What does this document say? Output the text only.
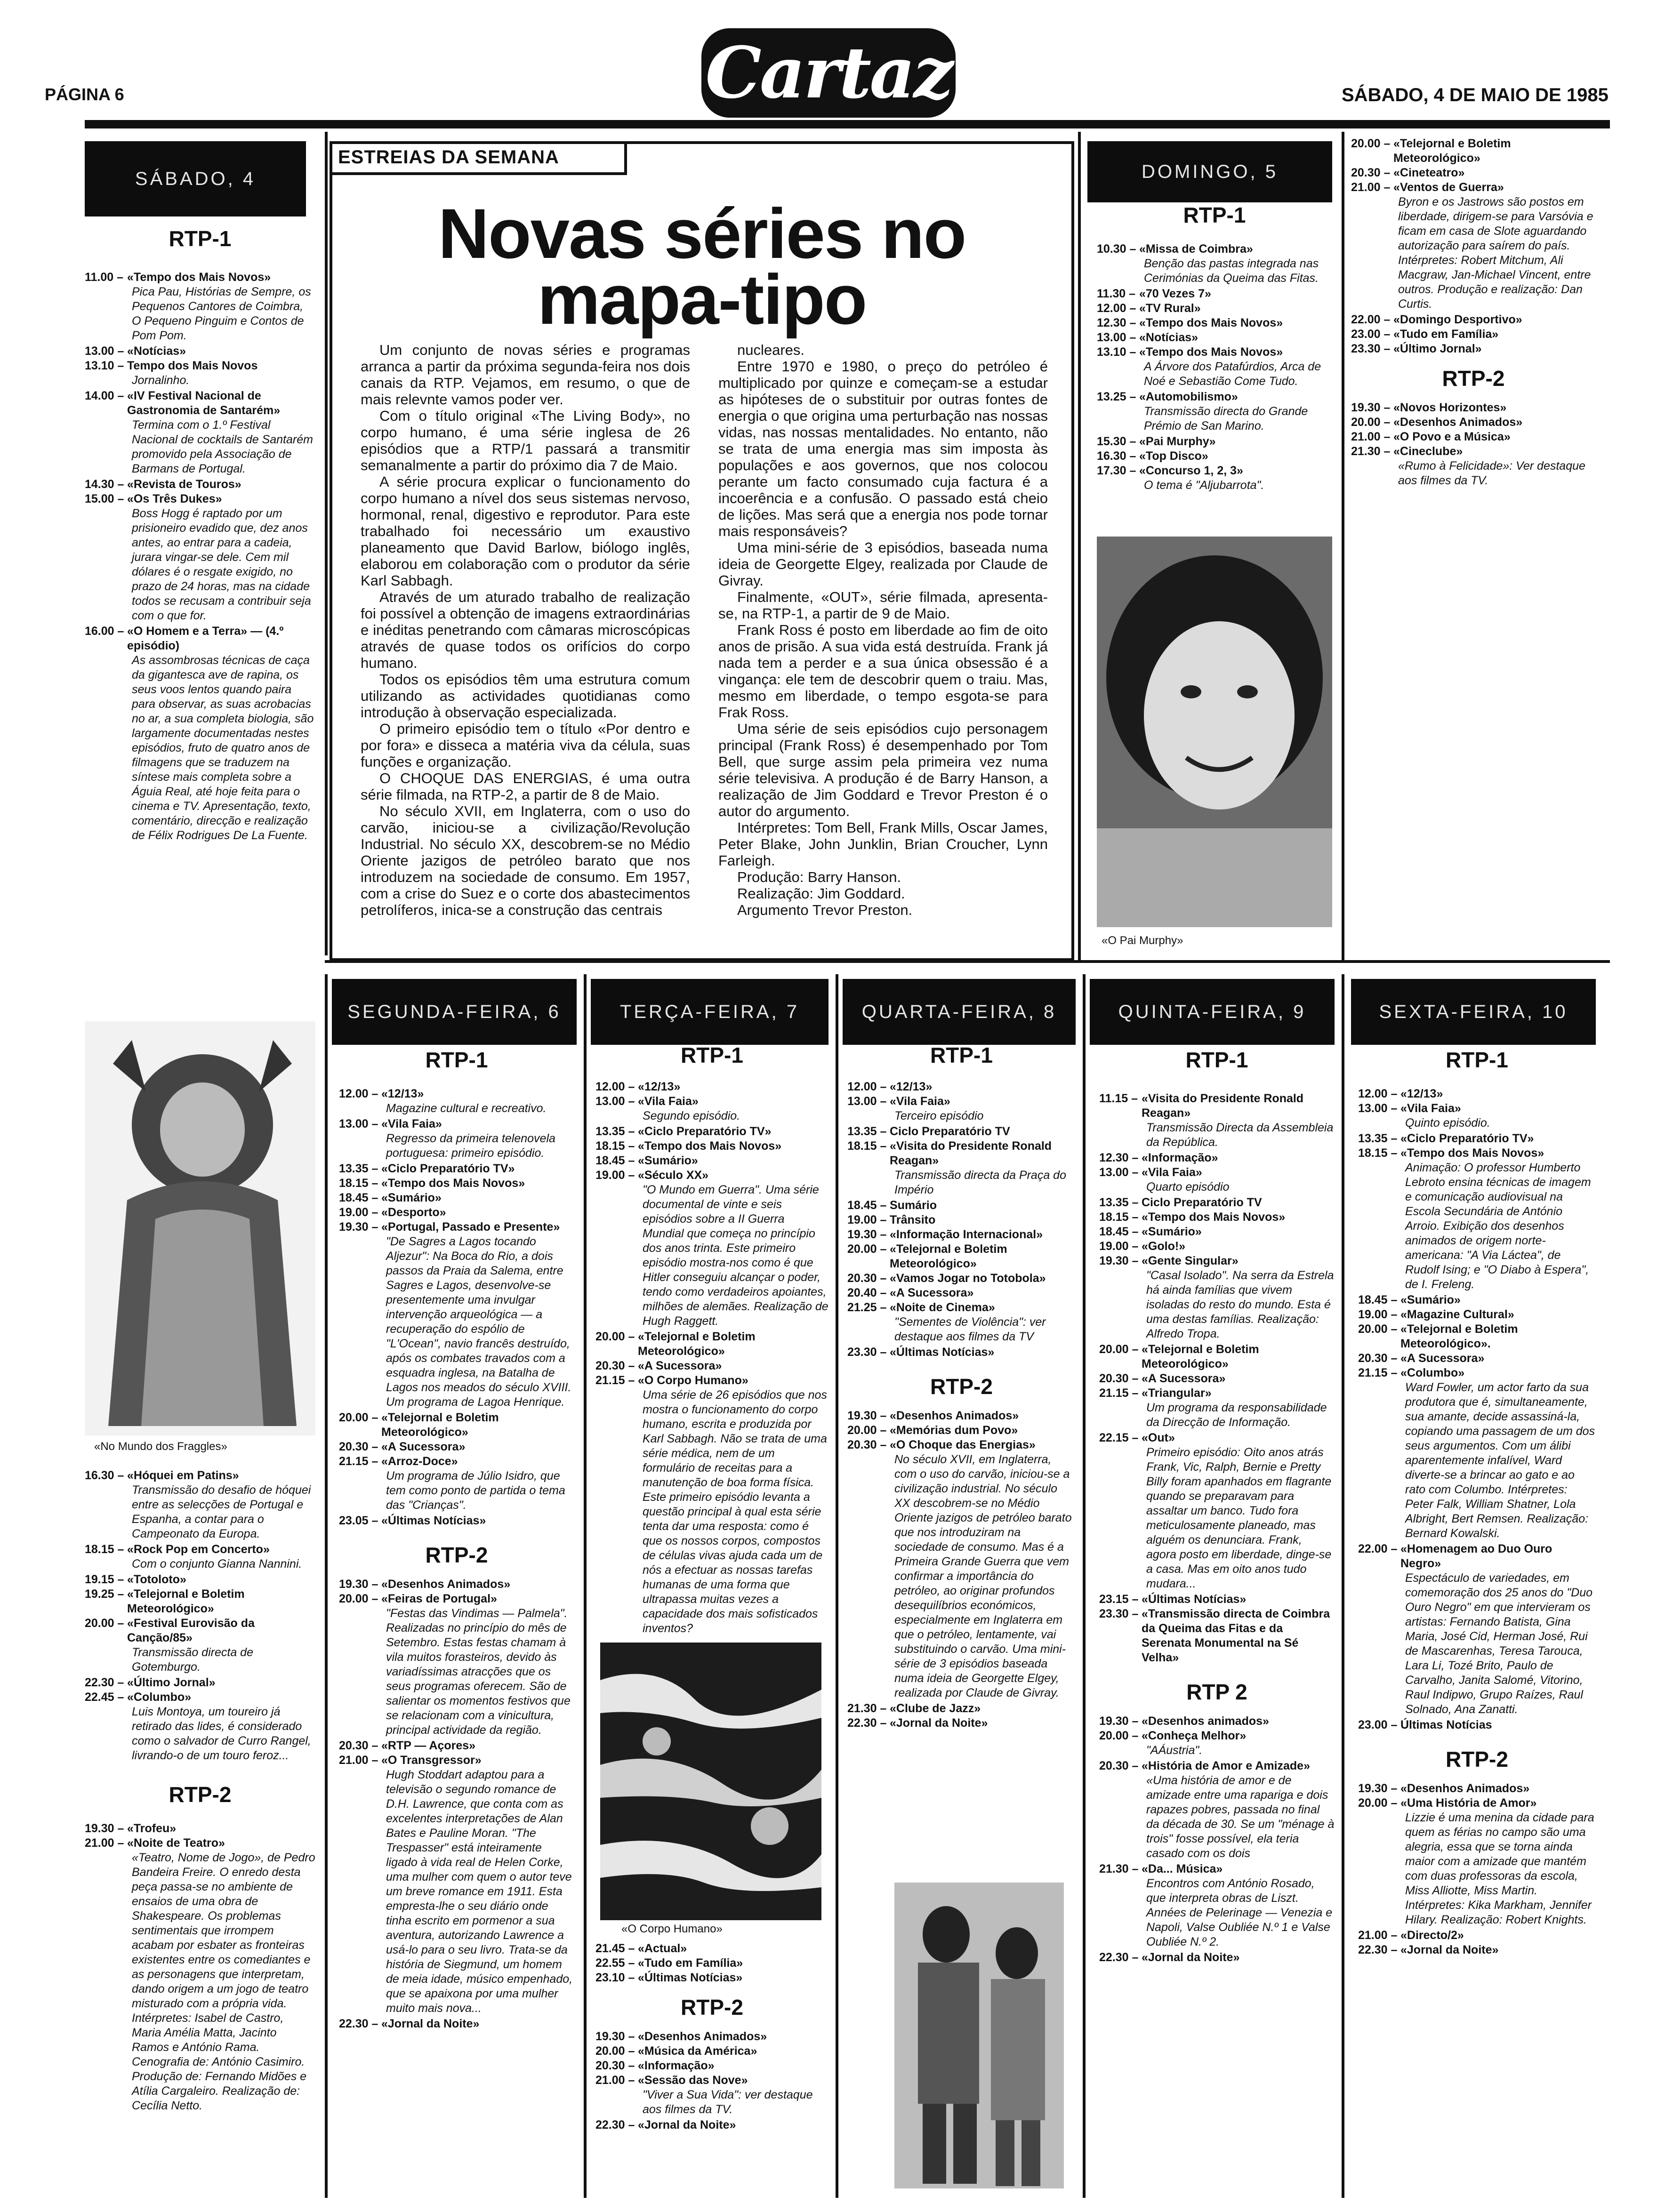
PÁGINA 6	Cartaz	SÁBADO, 4 DE MAIO DE 1985
SÁBADO, 4
RTP-1
11.00 – «Tempo dos Mais Novos»
Pica Pau, Histórias de Sempre, os Pequenos Cantores de Coimbra, O Pequeno Pinguim e Contos de Pom Pom.
13.00 – «Notícias»
13.10 – Tempo dos Mais Novos
Jornalinho.
14.00 – «IV Festival Nacional de Gastronomia de Santarém»
Termina com o 1.º Festival Nacional de cocktails de Santarém promovido pela Associação de Barmans de Portugal.
14.30 – «Revista de Touros»
15.00 – «Os Três Dukes»
Boss Hogg é raptado por um prisioneiro evadido que, dez anos antes, ao entrar para a cadeia, jurara vingar-se dele. Cem mil dólares é o resgate exigido, no prazo de 24 horas, mas na cidade todos se recusam a contribuir seja com o que for.
16.00 – «O Homem e a Terra» — (4.º episódio)
As assombrosas técnicas de caça da gigantesca ave de rapina, os seus voos lentos quando paira para observar, as suas acrobacias no ar, a sua completa biologia, são largamente documentadas nestes episódios, fruto de quatro anos de filmagens que se traduzem na síntese mais completa sobre a Águia Real, até hoje feita para o cinema e TV. Apresentação, texto, comentário, direcção e realização de Félix Rodrigues De La Fuente.
«No Mundo dos Fraggles»
16.30 – «Hóquei em Patins»
Transmissão do desafio de hóquei entre as selecções de Portugal e Espanha, a contar para o Campeonato da Europa.
18.15 – «Rock Pop em Concerto»
Com o conjunto Gianna Nannini.
19.15 – «Totoloto»
19.25 – «Telejornal e Boletim Meteorológico»
20.00 – «Festival Eurovisão da Canção/85»
Transmissão directa de Gotemburgo.
22.30 – «Último Jornal»
22.45 – «Columbo»
Luis Montoya, um toureiro já retirado das lides, é considerado como o salvador de Curro Rangel, livrando-o de um touro feroz...
RTP-2
19.30 – «Trofeu»
21.00 – «Noite de Teatro»
«Teatro, Nome de Jogo», de Pedro Bandeira Freire. O enredo desta peça passa-se no ambiente de ensaios de uma obra de Shakespeare. Os problemas sentimentais que irrompem acabam por esbater as fronteiras existentes entre os comediantes e as personagens que interpretam, dando origem a um jogo de teatro misturado com a própria vida. Intérpretes: Isabel de Castro, Maria Amélia Matta, Jacinto Ramos e António Rama. Cenografia de: António Casimiro. Produção de: Fernando Midões e Atília Cargaleiro. Realização de: Cecília Netto.
ESTREIAS DA SEMANA
Novas séries no mapa-tipo

Um conjunto de novas séries e programas arranca a partir da próxima segunda-feira nos dois canais da RTP. Vejamos, em resumo, o que de mais relevnte vamos poder ver.

Com o título original «The Living Body», no corpo humano, é uma série inglesa de 26 episódios que a RTP/1 passará a transmitir semanalmente a partir do próximo dia 7 de Maio.

A série procura explicar o funcionamento do corpo humano a nível dos seus sistemas nervoso, hormonal, renal, digestivo e reprodutor. Para este trabalhado foi necessário um exaustivo planeamento que David Barlow, biólogo inglês, elaborou em colaboração com o produtor da série Karl Sabbagh.

Através de um aturado trabalho de realização foi possível a obtenção de imagens extraordinárias e inéditas penetrando com câmaras microscópicas através de quase todos os orifícios do corpo humano.

Todos os episódios têm uma estrutura comum utilizando as actividades quotidianas como introdução à observação especializada.

O primeiro episódio tem o título «Por dentro e por fora» e disseca a matéria viva da célula, suas funções e organização.

O CHOQUE DAS ENERGIAS, é uma outra série filmada, na RTP-2, a partir de 8 de Maio.

No século XVII, em Inglaterra, com o uso do carvão, iniciou-se a civilização/Revolução Industrial. No século XX, descobrem-se no Médio Oriente jazigos de petróleo barato que nos introduzem na sociedade de consumo. Em 1957, com a crise do Suez e o corte dos abastecimentos petrolíferos, inica-se a construção das centrais

nucleares.

Entre 1970 e 1980, o preço do petróleo é multiplicado por quinze e começam-se a estudar as hipóteses de o substituir por outras fontes de energia o que origina uma perturbação nas nossas vidas, nas nossas mentalidades. No entanto, não se trata de uma energia mas sim imposta às populações e aos governos, que nos colocou perante um facto consumado cuja factura é a incoerência e a confusão. O passado está cheio de lições. Mas será que a energia nos pode tornar mais responsáveis?

Uma mini-série de 3 episódios, baseada numa ideia de Georgette Elgey, realizada por Claude de Givray.

Finalmente, «OUT», série filmada, apresenta-se, na RTP-1, a partir de 9 de Maio.

Frank Ross é posto em liberdade ao fim de oito anos de prisão. A sua vida está destruída. Frank já nada tem a perder e a sua única obsessão é a vingança: ele tem de descobrir quem o traiu. Mas, mesmo em liberdade, o tempo esgota-se para Frak Ross.

Uma série de seis episódios cujo personagem principal (Frank Ross) é desempenhado por Tom Bell, que surge assim pela primeira vez numa série televisiva. A produção é de Barry Hanson, a realização de Jim Goddard e Trevor Preston é o autor do argumento.

Intérpretes: Tom Bell, Frank Mills, Oscar James, Peter Blake, John Junklin, Brian Croucher, Lynn Farleigh.

Produção: Barry Hanson.

Realização: Jim Goddard.

Argumento Trevor Preston.

DOMINGO, 5
RTP-1
10.30 – «Missa de Coimbra»
Benção das pastas integrada nas Cerimónias da Queima das Fitas.
11.30 – «70 Vezes 7»
12.00 – «TV Rural»
12.30 – «Tempo dos Mais Novos»
13.00 – «Notícias»
13.10 – «Tempo dos Mais Novos»
A Árvore dos Patafúrdios, Arca de Noé e Sebastião Come Tudo.
13.25 – «Automobilismo»
Transmissão directa do Grande Prémio de San Marino.
15.30 – «Pai Murphy»
16.30 – «Top Disco»
17.30 – «Concurso 1, 2, 3»
O tema é "Aljubarrota".
«O Pai Murphy»
20.00 – «Telejornal e Boletim Meteorológico»
20.30 – «Cineteatro»
21.00 – «Ventos de Guerra»
Byron e os Jastrows são postos em liberdade, dirigem-se para Varsóvia e ficam em casa de Slote aguardando autorização para saírem do país. Intérpretes: Robert Mitchum, Ali Macgraw, Jan-Michael Vincent, entre outros. Produção e realização: Dan Curtis.
22.00 – «Domingo Desportivo»
23.00 – «Tudo em Família»
23.30 – «Último Jornal»
RTP-2
19.30 – «Novos Horizontes»
20.00 – «Desenhos Animados»
21.00 – «O Povo e a Música»
21.30 – «Cineclube»
«Rumo à Felicidade»: Ver destaque aos filmes da TV.
SEGUNDA-FEIRA, 6
RTP-1
12.00 – «12/13»
Magazine cultural e recreativo.
13.00 – «Vila Faia»
Regresso da primeira telenovela portuguesa: primeiro episódio.
13.35 – «Ciclo Preparatório TV»
18.15 – «Tempo dos Mais Novos»
18.45 – «Sumário»
19.00 – «Desporto»
19.30 – «Portugal, Passado e Presente»
"De Sagres a Lagos tocando Aljezur": Na Boca do Rio, a dois passos da Praia da Salema, entre Sagres e Lagos, desenvolve-se presentemente uma invulgar intervenção arqueológica — a recuperação do espólio de "L'Ocean", navio francês destruído, após os combates travados com a esquadra inglesa, na Batalha de Lagos nos meados do século XVIII. Um programa de Lagoa Henrique.
20.00 – «Telejornal e Boletim Meteorológico»
20.30 – «A Sucessora»
21.15 – «Arroz-Doce»
Um programa de Júlio Isidro, que tem como ponto de partida o tema das "Crianças".
23.05 – «Últimas Notícias»
RTP-2
19.30 – «Desenhos Animados»
20.00 – «Feiras de Portugal»
"Festas das Vindimas — Palmela". Realizadas no princípio do mês de Setembro. Estas festas chamam à vila muitos forasteiros, devido às variadíssimas atracções que os seus programas oferecem. São de salientar os momentos festivos que se relacionam com a vinicultura, principal actividade da região.
20.30 – «RTP — Açores»
21.00 – «O Transgressor»
Hugh Stoddart adaptou para a televisão o segundo romance de D.H. Lawrence, que conta com as excelentes interpretações de Alan Bates e Pauline Moran. "The Trespasser" está inteiramente ligado à vida real de Helen Corke, uma mulher com quem o autor teve um breve romance em 1911. Esta empresta-lhe o seu diário onde tinha escrito em pormenor a sua aventura, autorizando Lawrence a usá-lo para o seu livro. Trata-se da história de Siegmund, um homem de meia idade, músico empenhado, que se apaixona por uma mulher muito mais nova...
22.30 – «Jornal da Noite»
TERÇA-FEIRA, 7
RTP-1
12.00 – «12/13»
13.00 – «Vila Faia»
Segundo episódio.
13.35 – «Ciclo Preparatório TV»
18.15 – «Tempo dos Mais Novos»
18.45 – «Sumário»
19.00 – «Século XX»
"O Mundo em Guerra". Uma série documental de vinte e seis episódios sobre a II Guerra Mundial que começa no princípio dos anos trinta. Este primeiro episódio mostra-nos como é que Hitler conseguiu alcançar o poder, tendo como verdadeiros apoiantes, milhões de alemães. Realização de Hugh Raggett.
20.00 – «Telejornal e Boletim Meteorológico»
20.30 – «A Sucessora»
21.15 – «O Corpo Humano»
Uma série de 26 episódios que nos mostra o funcionamento do corpo humano, escrita e produzida por Karl Sabbagh. Não se trata de uma série médica, nem de um formulário de receitas para a manutenção de boa forma física. Este primeiro episódio levanta a questão principal à qual esta série tenta dar uma resposta: como é que os nossos corpos, compostos de células vivas ajuda cada um de nós a efectuar as nossas tarefas humanas de uma forma que ultrapassa muitas vezes a capacidade dos mais sofisticados inventos?
«O Corpo Humano»
21.45 – «Actual»
22.55 – «Tudo em Família»
23.10 – «Últimas Notícias»
RTP-2
19.30 – «Desenhos Animados»
20.00 – «Música da América»
20.30 – «Informação»
21.00 – «Sessão das Nove»
"Viver a Sua Vida": ver destaque aos filmes da TV.
22.30 – «Jornal da Noite»
QUARTA-FEIRA, 8
RTP-1
12.00 – «12/13»
13.00 – «Vila Faia»
Terceiro episódio
13.35 – Ciclo Preparatório TV
18.15 – «Visita do Presidente Ronald Reagan»
Transmissão directa da Praça do Império
18.45 – Sumário
19.00 – Trânsito
19.30 – «Informação Internacional»
20.00 – «Telejornal e Boletim Meteorológico»
20.30 – «Vamos Jogar no Totobola»
20.40 – «A Sucessora»
21.25 – «Noite de Cinema»
"Sementes de Violência": ver destaque aos filmes da TV
23.30 – «Últimas Notícias»
RTP-2
19.30 – «Desenhos Animados»
20.00 – «Memórias dum Povo»
20.30 – «O Choque das Energias»
No século XVII, em Inglaterra, com o uso do carvão, iniciou-se a civilização industrial. No século XX descobrem-se no Médio Oriente jazigos de petróleo barato que nos introduziram na sociedade de consumo. Mas é a Primeira Grande Guerra que vem confirmar a importância do petróleo, ao originar profundos desequilíbrios económicos, especialmente em Inglaterra em que o petróleo, lentamente, vai substituindo o carvão. Uma mini-série de 3 episódios baseada numa ideia de Georgette Elgey, realizada por Claude de Givray.
21.30 – «Clube de Jazz»
22.30 – «Jornal da Noite»
QUINTA-FEIRA, 9
RTP-1
11.15 – «Visita do Presidente Ronald Reagan»
Transmissão Directa da Assembleia da República.
12.30 – «Informação»
13.00 – «Vila Faia»
Quarto episódio
13.35 – Ciclo Preparatório TV
18.15 – «Tempo dos Mais Novos»
18.45 – «Sumário»
19.00 – «Golo!»
19.30 – «Gente Singular»
"Casal Isolado". Na serra da Estrela há ainda famílias que vivem isoladas do resto do mundo. Esta é uma destas famílias. Realização: Alfredo Tropa.
20.00 – «Telejornal e Boletim Meteorológico»
20.30 – «A Sucessora»
21.15 – «Triangular»
Um programa da responsabilidade da Direcção de Informação.
22.15 – «Out»
Primeiro episódio: Oito anos atrás Frank, Vic, Ralph, Bernie e Pretty Billy foram apanhados em flagrante quando se preparavam para assaltar um banco. Tudo fora meticulosamente planeado, mas alguém os denunciara. Frank, agora posto em liberdade, dinge-se a casa. Mas em oito anos tudo mudara...
23.15 – «Últimas Notícias»
23.30 – «Transmissão directa de Coimbra da Queima das Fitas e da Serenata Monumental na Sé Velha»
RTP 2
19.30 – «Desenhos animados»
20.00 – «Conheça Melhor»
"AÁustria".
20.30 – «História de Amor e Amizade»
«Uma história de amor e de amizade entre uma rapariga e dois rapazes pobres, passada no final da década de 30. Se um "ménage à trois" fosse possível, ela teria casado com os dois
21.30 – «Da... Música»
Encontros com António Rosado, que interpreta obras de Liszt. Années de Pelerinage — Venezia e Napoli, Valse Oubliée N.º 1 e Valse Oubliée N.º 2.
22.30 – «Jornal da Noite»
SEXTA-FEIRA, 10
RTP-1
12.00 – «12/13»
13.00 – «Vila Faia»
Quinto episódio.
13.35 – «Ciclo Preparatório TV»
18.15 – «Tempo dos Mais Novos»
Animação: O professor Humberto Lebroto ensina técnicas de imagem e comunicação audiovisual na Escola Secundária de António Arroio. Exibição dos desenhos animados de origem norte-americana: "A Via Láctea", de Rudolf Ising; e "O Diabo à Espera", de I. Freleng.
18.45 – «Sumário»
19.00 – «Magazine Cultural»
20.00 – «Telejornal e Boletim Meteorológico».
20.30 – «A Sucessora»
21.15 – «Columbo»
Ward Fowler, um actor farto da sua produtora que é, simultaneamente, sua amante, decide assassiná-la, copiando uma passagem de um dos seus argumentos. Com um álibi aparentemente infalível, Ward diverte-se a brincar ao gato e ao rato com Columbo. Intérpretes: Peter Falk, William Shatner, Lola Albright, Bert Remsen. Realização: Bernard Kowalski.
22.00 – «Homenagem ao Duo Ouro Negro»
Espectáculo de variedades, em comemoração dos 25 anos do "Duo Ouro Negro" em que intervieram os artistas: Fernando Batista, Gina Maria, José Cid, Herman José, Rui de Mascarenhas, Teresa Tarouca, Lara Li, Tozé Brito, Paulo de Carvalho, Janita Salomé, Vitorino, Raul Indipwo, Grupo Raízes, Raul Solnado, Ana Zanatti.
23.00 – Últimas Notícias
RTP-2
19.30 – «Desenhos Animados»
20.00 – «Uma História de Amor»
Lizzie é uma menina da cidade para quem as férias no campo são uma alegria, essa que se torna ainda maior com a amizade que mantém com duas professoras da escola, Miss Alliotte, Miss Martin. Intérpretes: Kika Markham, Jennifer Hilary. Realização: Robert Knights.
21.00 – «Directo/2»
22.30 – «Jornal da Noite»
